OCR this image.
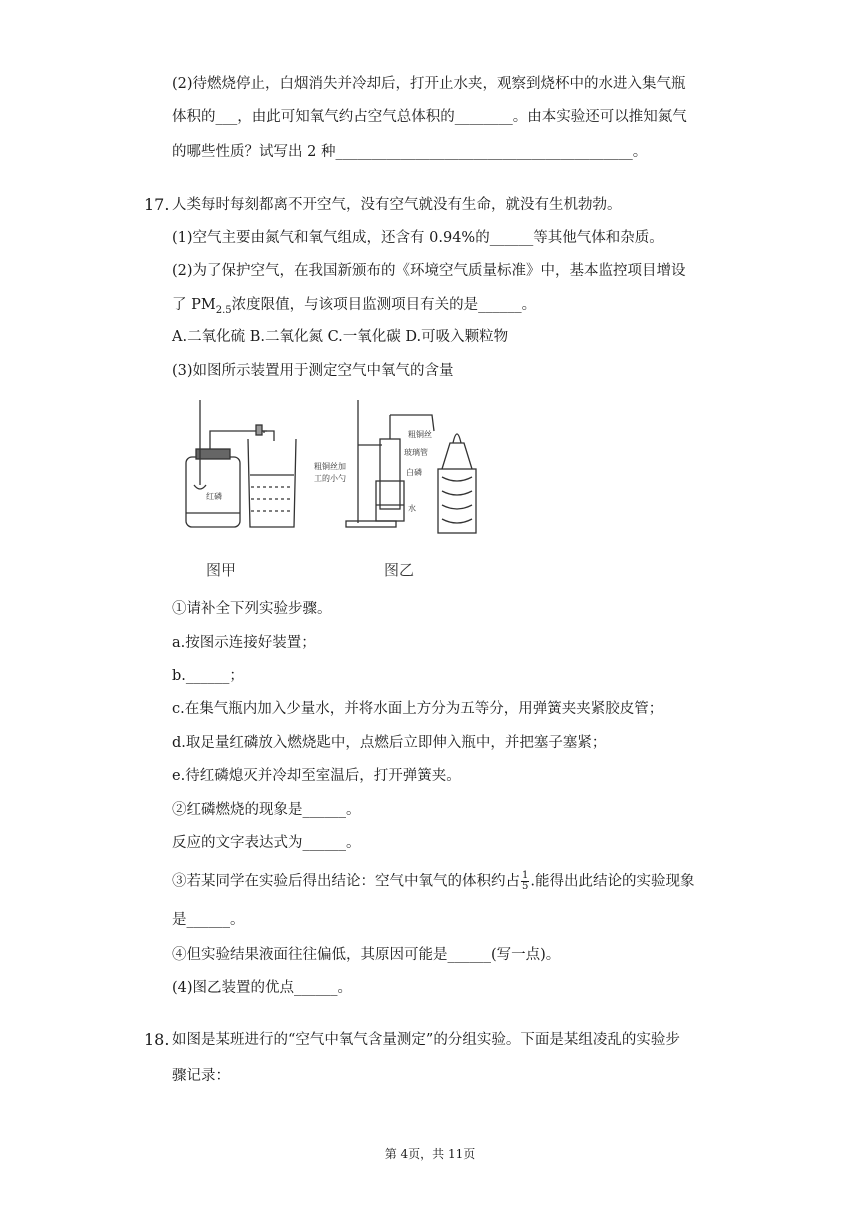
(2)待燃烧停止，白烟消失并冷却后，打开止水夹，观察到烧杯中的水进入集气瓶
体积的___，由此可知氧气约占空气总体积的________。由本实验还可以推知氮气
的哪些性质？试写出 2 种_________________________________________。
17. 人类每时每刻都离不开空气，没有空气就没有生命，就没有生机勃勃。
(1)空气主要由氮气和氧气组成，还含有 0.94%的______等其他气体和杂质。
(2)为了保护空气，在我国新颁布的《环境空气质量标准》中，基本监控项目增设
了 $PM_{2.5}$浓度限值，与该项目监测项目有关的是______。
A.二氧化硫 B.二氧化氮 C.一氧化碳 D.可吸入颗粒物
(3)如图所示装置用于测定空气中氧气的含量
红磷
粗铜丝
玻璃管
白磷
水
粗铜丝加
工的小勺
图甲	图乙
①请补全下列实验步骤。
a.按图示连接好装置；
b.______；
c.在集气瓶内加入少量水，并将水面上方分为五等分，用弹簧夹夹紧胶皮管；
d.取足量红磷放入燃烧匙中，点燃后立即伸入瓶中，并把塞子塞紧；
e.待红磷熄灭并冷却至室温后，打开弹簧夹。
②红磷燃烧的现象是______。
反应的文字表达式为______。
③若某同学在实验后得出结论：空气中氧气的体积约占 $\frac{1}{5}$ .能得出此结论的实验现象
是______。
④但实验结果液面往往偏低，其原因可能是______(写一点)。
(4)图乙装置的优点______。
18. 如图是某班进行的“空气中氧气含量测定”的分组实验。下面是某组凌乱的实验步
骤记录：
第 4页，共 11页
